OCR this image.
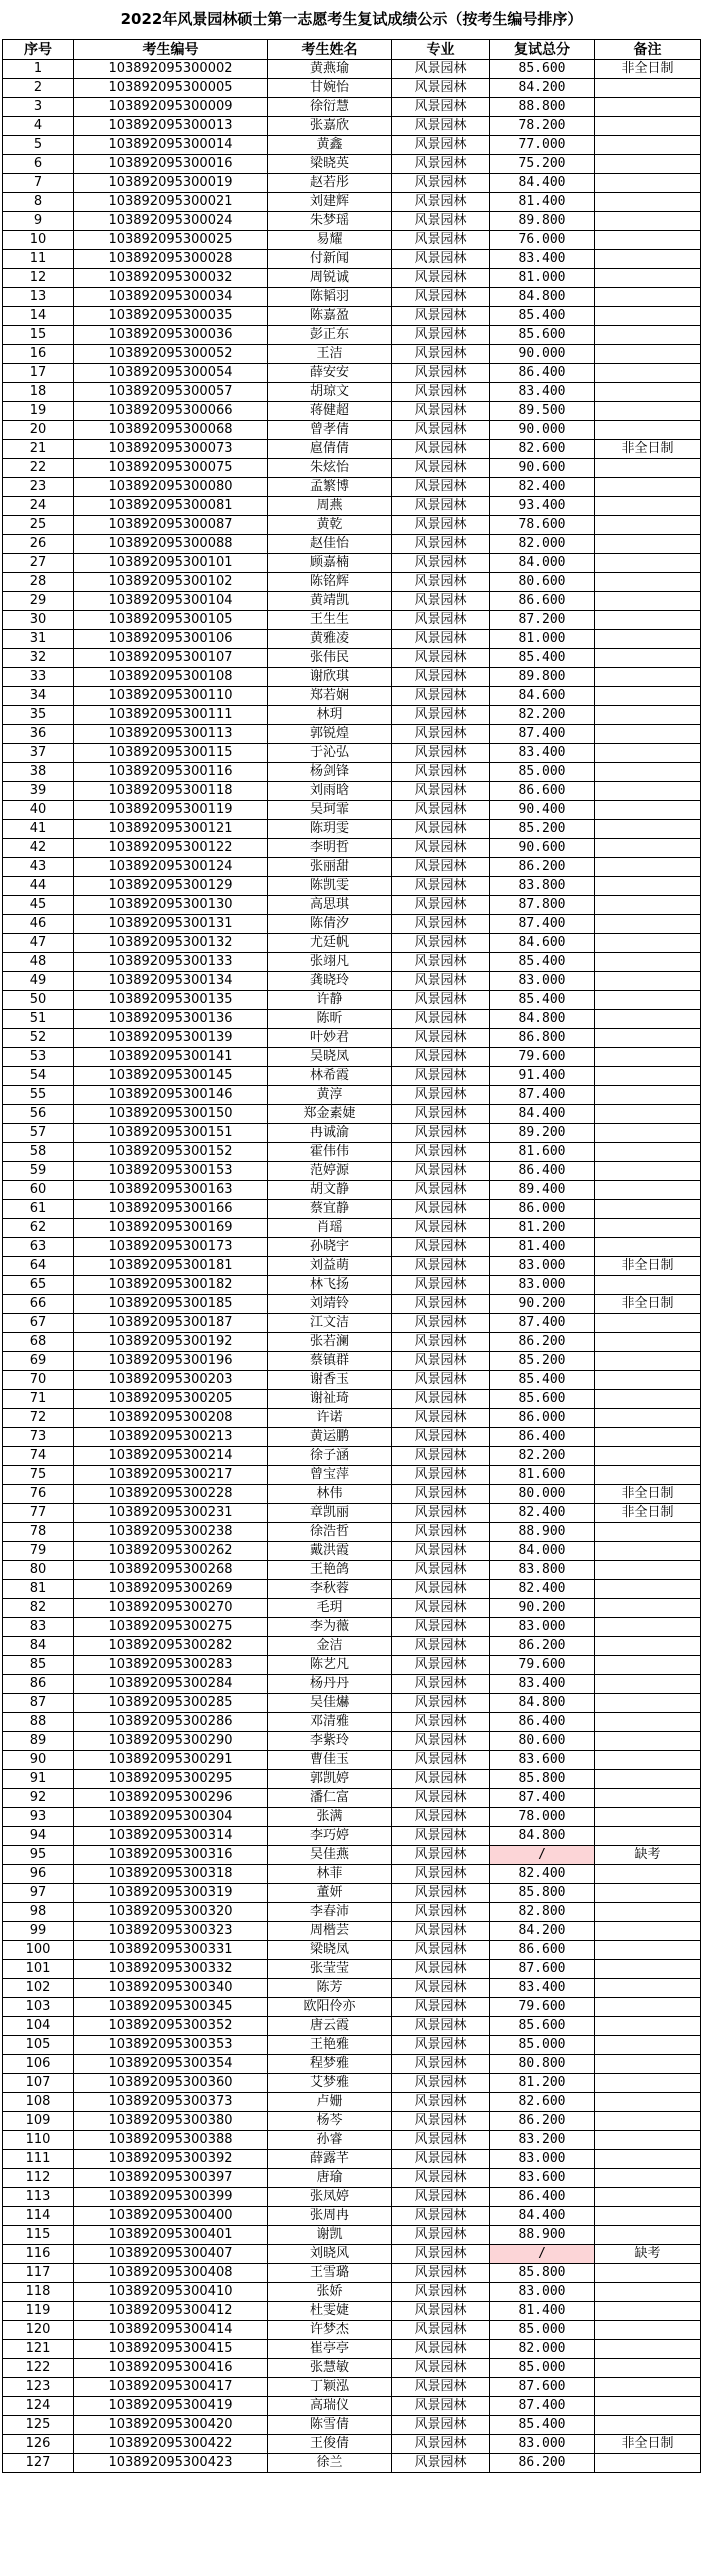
2022年风景园林硕士第一志愿考生复试成绩公示（按考生编号排序）
序号	考生编号	考生姓名	专业	复试总分	备注
1	103892095300002	黄燕瑜	风景园林	85.600	非全日制
2	103892095300005	甘婉怡	风景园林	84.200	
3	103892095300009	徐衍慧	风景园林	88.800	
4	103892095300013	张嘉欣	风景园林	78.200	
5	103892095300014	黄鑫	风景园林	77.000	
6	103892095300016	梁晓英	风景园林	75.200	
7	103892095300019	赵若彤	风景园林	84.400	
8	103892095300021	刘建辉	风景园林	81.400	
9	103892095300024	朱梦瑶	风景园林	89.800	
10	103892095300025	易耀	风景园林	76.000	
11	103892095300028	付新闻	风景园林	83.400	
12	103892095300032	周锐诚	风景园林	81.000	
13	103892095300034	陈韬羽	风景园林	84.800	
14	103892095300035	陈嘉盈	风景园林	85.400	
15	103892095300036	彭正东	风景园林	85.600	
16	103892095300052	王洁	风景园林	90.000	
17	103892095300054	薛安安	风景园林	86.400	
18	103892095300057	胡琼文	风景园林	83.400	
19	103892095300066	蒋健超	风景园林	89.500	
20	103892095300068	曾孝倩	风景园林	90.000	
21	103892095300073	扈倩倩	风景园林	82.600	非全日制
22	103892095300075	朱炫怡	风景园林	90.600	
23	103892095300080	孟繁博	风景园林	82.400	
24	103892095300081	周燕	风景园林	93.400	
25	103892095300087	黄乾	风景园林	78.600	
26	103892095300088	赵佳怡	风景园林	82.000	
27	103892095300101	顾嘉楠	风景园林	84.000	
28	103892095300102	陈铭辉	风景园林	80.600	
29	103892095300104	黄靖凯	风景园林	86.600	
30	103892095300105	王生生	风景园林	87.200	
31	103892095300106	黄雅凌	风景园林	81.000	
32	103892095300107	张伟民	风景园林	85.400	
33	103892095300108	谢欣琪	风景园林	89.800	
34	103892095300110	郑若娴	风景园林	84.600	
35	103892095300111	林玥	风景园林	82.200	
36	103892095300113	郭锐煌	风景园林	87.400	
37	103892095300115	于沁弘	风景园林	83.400	
38	103892095300116	杨剑锋	风景园林	85.000	
39	103892095300118	刘雨晗	风景园林	86.600	
40	103892095300119	吴珂霏	风景园林	90.400	
41	103892095300121	陈玥雯	风景园林	85.200	
42	103892095300122	李明哲	风景园林	90.600	
43	103892095300124	张丽甜	风景园林	86.200	
44	103892095300129	陈凯雯	风景园林	83.800	
45	103892095300130	高思琪	风景园林	87.800	
46	103892095300131	陈倩汐	风景园林	87.400	
47	103892095300132	尤廷帆	风景园林	84.600	
48	103892095300133	张翊凡	风景园林	85.400	
49	103892095300134	龚晓玲	风景园林	83.000	
50	103892095300135	许静	风景园林	85.400	
51	103892095300136	陈昕	风景园林	84.800	
52	103892095300139	叶妙君	风景园林	86.800	
53	103892095300141	吴晓凤	风景园林	79.600	
54	103892095300145	林希霞	风景园林	91.400	
55	103892095300146	黄淳	风景园林	87.400	
56	103892095300150	郑金素婕	风景园林	84.400	
57	103892095300151	冉诚渝	风景园林	89.200	
58	103892095300152	霍伟伟	风景园林	81.600	
59	103892095300153	范婷源	风景园林	86.400	
60	103892095300163	胡文静	风景园林	89.400	
61	103892095300166	蔡宜静	风景园林	86.000	
62	103892095300169	肖瑶	风景园林	81.200	
63	103892095300173	孙晓宇	风景园林	81.400	
64	103892095300181	刘益萌	风景园林	83.000	非全日制
65	103892095300182	林飞扬	风景园林	83.000	
66	103892095300185	刘靖铃	风景园林	90.200	非全日制
67	103892095300187	江文洁	风景园林	87.400	
68	103892095300192	张若澜	风景园林	86.200	
69	103892095300196	蔡镇群	风景园林	85.200	
70	103892095300203	谢香玉	风景园林	85.400	
71	103892095300205	谢祉琦	风景园林	85.600	
72	103892095300208	许诺	风景园林	86.000	
73	103892095300213	黄运鹏	风景园林	86.400	
74	103892095300214	徐子涵	风景园林	82.200	
75	103892095300217	曾宝萍	风景园林	81.600	
76	103892095300228	林伟	风景园林	80.000	非全日制
77	103892095300231	章凯丽	风景园林	82.400	非全日制
78	103892095300238	徐浩哲	风景园林	88.900	
79	103892095300262	戴洪霞	风景园林	84.000	
80	103892095300268	王艳鸽	风景园林	83.800	
81	103892095300269	李秋蓉	风景园林	82.400	
82	103892095300270	毛玥	风景园林	90.200	
83	103892095300275	李为薇	风景园林	83.000	
84	103892095300282	金洁	风景园林	86.200	
85	103892095300283	陈艺凡	风景园林	79.600	
86	103892095300284	杨丹丹	风景园林	83.400	
87	103892095300285	吴佳爀	风景园林	84.800	
88	103892095300286	邓清雅	风景园林	86.400	
89	103892095300290	李紫玲	风景园林	80.600	
90	103892095300291	曹佳玉	风景园林	83.600	
91	103892095300295	郭凯婷	风景园林	85.800	
92	103892095300296	潘仁富	风景园林	87.400	
93	103892095300304	张满	风景园林	78.000	
94	103892095300314	李巧婷	风景园林	84.800	
95	103892095300316	吴佳燕	风景园林	/	缺考
96	103892095300318	林菲	风景园林	82.400	
97	103892095300319	董妍	风景园林	85.800	
98	103892095300320	李春沛	风景园林	82.800	
99	103892095300323	周楷芸	风景园林	84.200	
100	103892095300331	梁晓凤	风景园林	86.600	
101	103892095300332	张莹莹	风景园林	87.600	
102	103892095300340	陈芳	风景园林	83.400	
103	103892095300345	欧阳伶亦	风景园林	79.600	
104	103892095300352	唐云霞	风景园林	85.600	
105	103892095300353	王艳雅	风景园林	85.000	
106	103892095300354	程梦雅	风景园林	80.800	
107	103892095300360	艾梦雅	风景园林	81.200	
108	103892095300373	卢姗	风景园林	82.600	
109	103892095300380	杨芩	风景园林	86.200	
110	103892095300388	孙睿	风景园林	83.200	
111	103892095300392	薛露芊	风景园林	83.000	
112	103892095300397	唐瑜	风景园林	83.600	
113	103892095300399	张凤婷	风景园林	86.400	
114	103892095300400	张周冉	风景园林	84.400	
115	103892095300401	谢凯	风景园林	88.900	
116	103892095300407	刘晓风	风景园林	/	缺考
117	103892095300408	王雪璐	风景园林	85.800	
118	103892095300410	张娇	风景园林	83.000	
119	103892095300412	杜雯婕	风景园林	81.400	
120	103892095300414	许梦杰	风景园林	85.000	
121	103892095300415	崔亭亭	风景园林	82.000	
122	103892095300416	张慧敏	风景园林	85.000	
123	103892095300417	丁颖泓	风景园林	87.600	
124	103892095300419	高瑞仪	风景园林	87.400	
125	103892095300420	陈雪倩	风景园林	85.400	
126	103892095300422	王俊倩	风景园林	83.000	非全日制
127	103892095300423	徐兰	风景园林	86.200	
